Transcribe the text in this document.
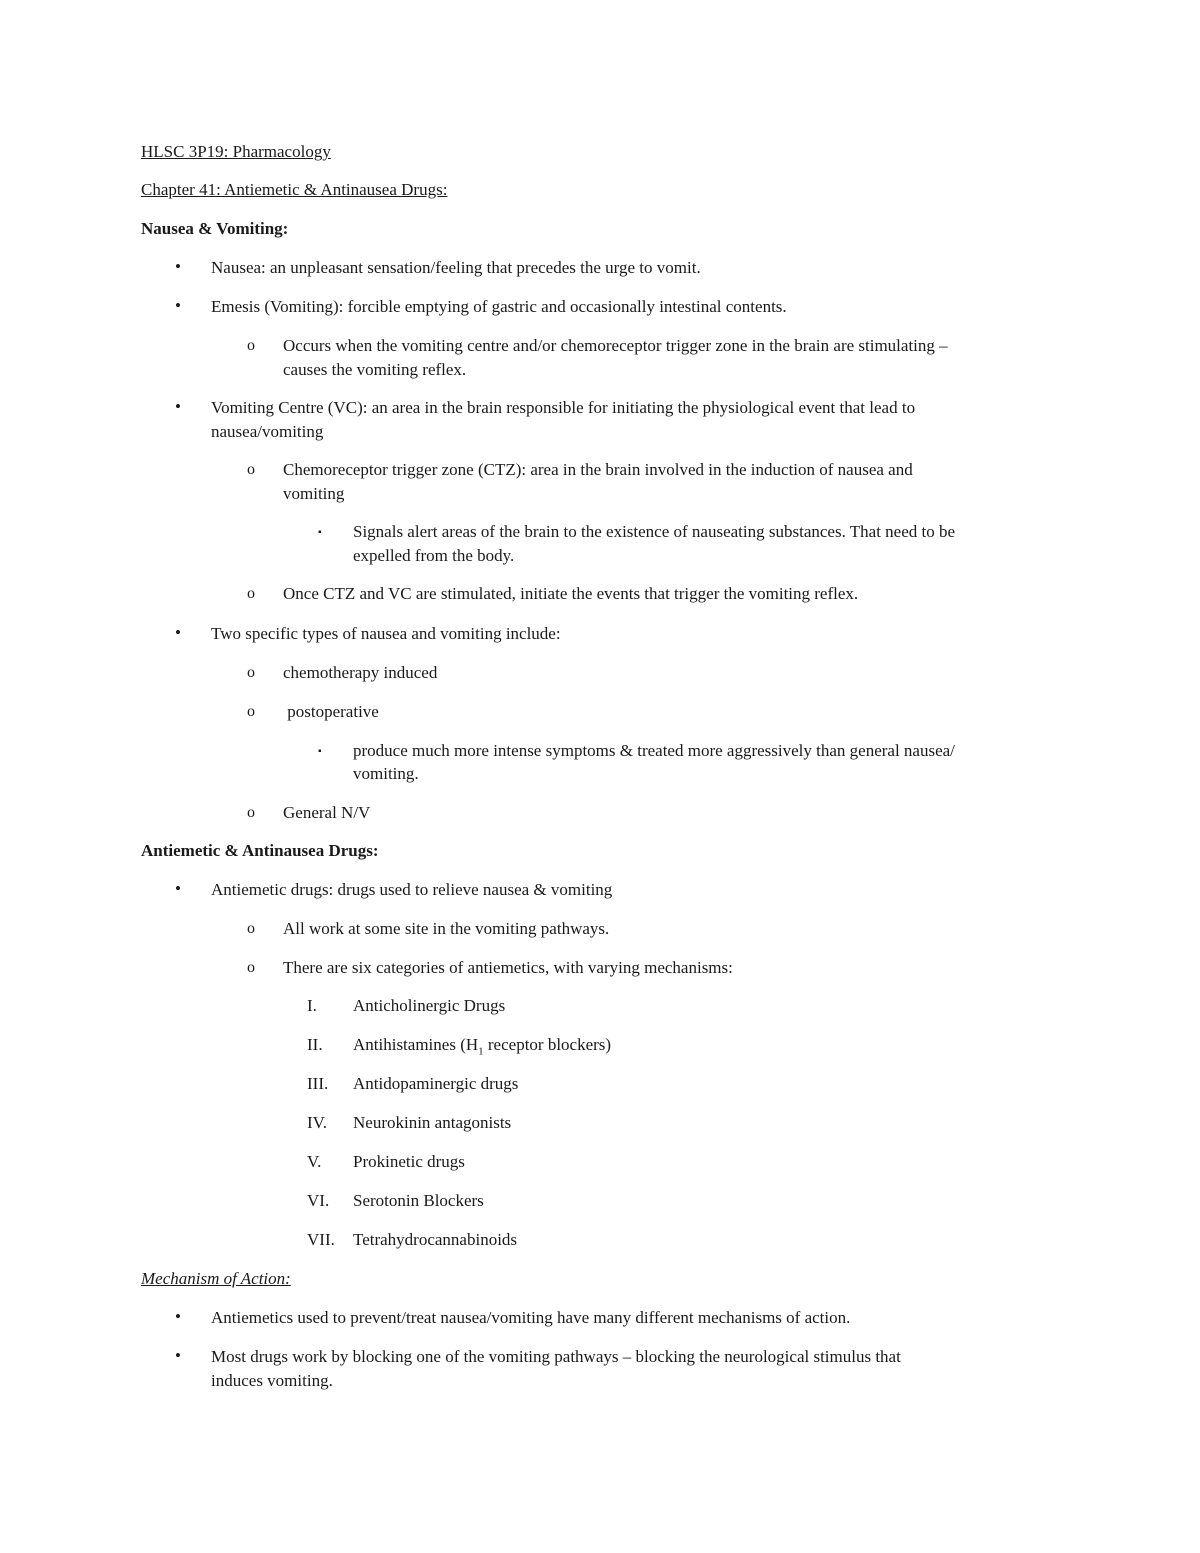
HLSC 3P19: Pharmacology
Chapter 41: Antiemetic & Antinausea Drugs:
Nausea & Vomiting:
• Nausea: an unpleasant sensation/feeling that precedes the urge to vomit.
• Emesis (Vomiting): forcible emptying of gastric and occasionally intestinal contents.
o Occurs when the vomiting centre and/or chemoreceptor trigger zone in the brain are stimulating –
causes the vomiting reflex.
• Vomiting Centre (VC): an area in the brain responsible for initiating the physiological event that lead to
nausea/vomiting
o Chemoreceptor trigger zone (CTZ): area in the brain involved in the induction of nausea and
vomiting
▪ Signals alert areas of the brain to the existence of nauseating substances. That need to be
expelled from the body.
o Once CTZ and VC are stimulated, initiate the events that trigger the vomiting reflex.
• Two specific types of nausea and vomiting include:
o chemotherapy induced
o postoperative
▪ produce much more intense symptoms & treated more aggressively than general nausea/
vomiting.
o General N/V
Antiemetic & Antinausea Drugs:
• Antiemetic drugs: drugs used to relieve nausea & vomiting
o All work at some site in the vomiting pathways.
o There are six categories of antiemetics, with varying mechanisms:
I. Anticholinergic Drugs
II. Antihistamines ($H_1$ receptor blockers)
III. Antidopaminergic drugs
IV. Neurokinin antagonists
V. Prokinetic drugs
VI. Serotonin Blockers
VII. Tetrahydrocannabinoids
Mechanism of Action:
• Antiemetics used to prevent/treat nausea/vomiting have many different mechanisms of action.
• Most drugs work by blocking one of the vomiting pathways – blocking the neurological stimulus that
induces vomiting.
